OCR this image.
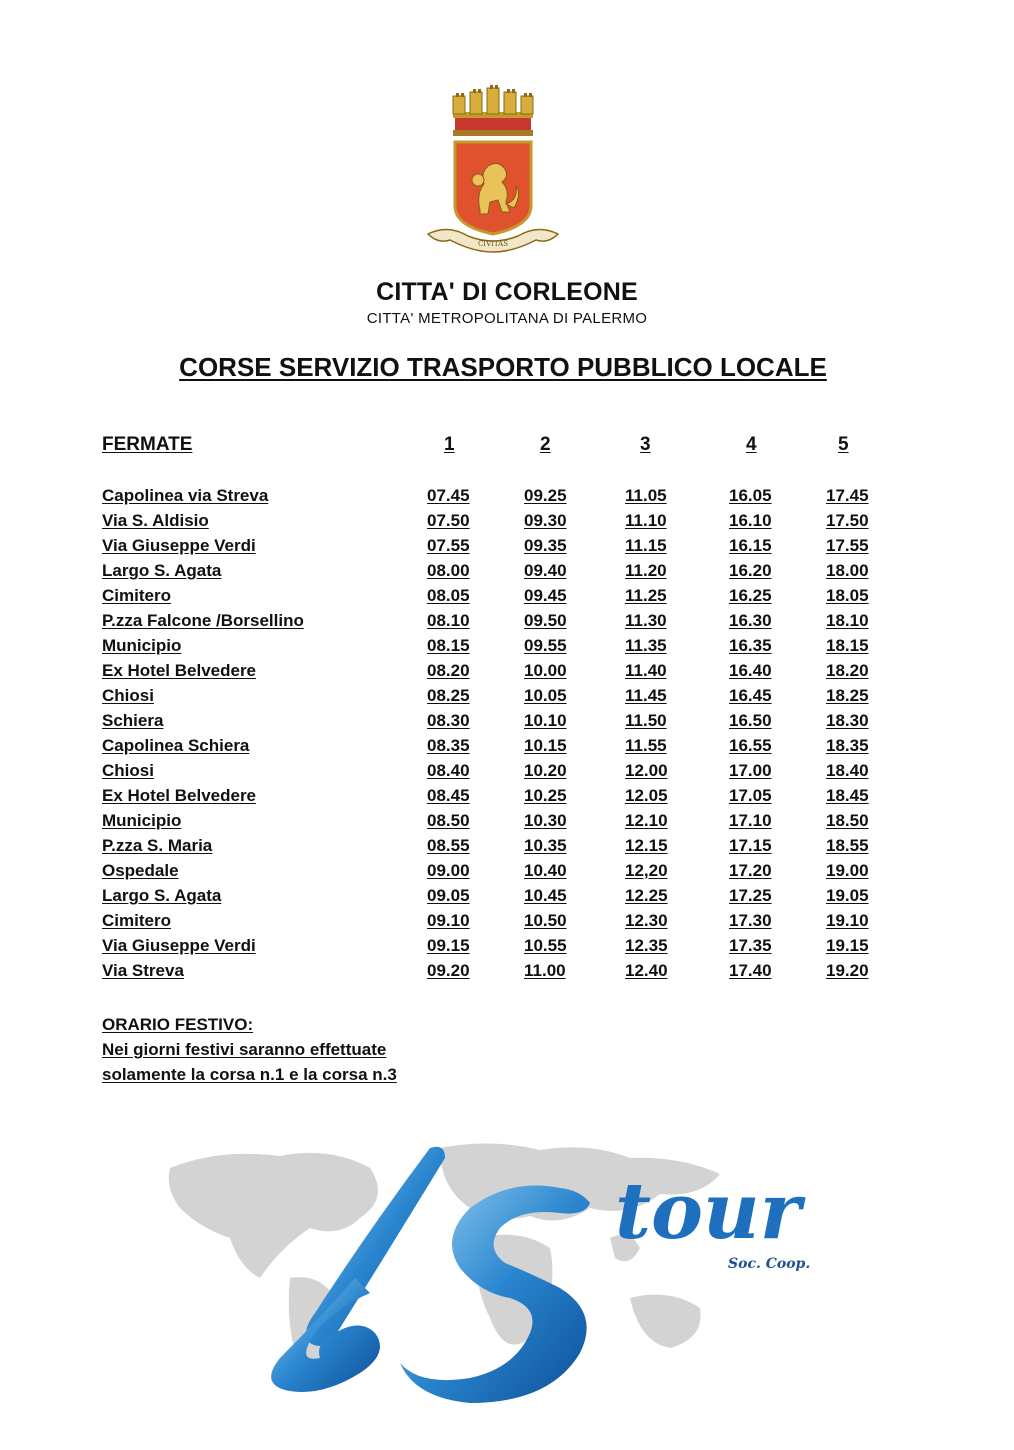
CIVITAS
CITTA' DI CORLEONE
CITTA' METROPOLITANA DI PALERMO
CORSE SERVIZIO TRASPORTO PUBBLICO LOCALE
FERMATE	1	2	3	4	5
Capolinea via Streva	07.45	09.25	11.05	16.05	17.45
Via S. Aldisio	07.50	09.30	11.10	16.10	17.50
Via Giuseppe Verdi	07.55	09.35	11.15	16.15	17.55
Largo S. Agata	08.00	09.40	11.20	16.20	18.00
Cimitero	08.05	09.45	11.25	16.25	18.05
P.zza Falcone /Borsellino	08.10	09.50	11.30	16.30	18.10
Municipio	08.15	09.55	11.35	16.35	18.15
Ex Hotel Belvedere	08.20	10.00	11.40	16.40	18.20
Chiosi	08.25	10.05	11.45	16.45	18.25
Schiera	08.30	10.10	11.50	16.50	18.30
Capolinea Schiera	08.35	10.15	11.55	16.55	18.35
Chiosi	08.40	10.20	12.00	17.00	18.40
Ex Hotel Belvedere	08.45	10.25	12.05	17.05	18.45
Municipio	08.50	10.30	12.10	17.10	18.50
P.zza S. Maria	08.55	10.35	12.15	17.15	18.55
Ospedale	09.00	10.40	12,20	17.20	19.00
Largo S. Agata	09.05	10.45	12.25	17.25	19.05
Cimitero	09.10	10.50	12.30	17.30	19.10
Via Giuseppe Verdi	09.15	10.55	12.35	17.35	19.15
Via Streva	09.20	11.00	12.40	17.40	19.20
ORARIO FESTIVO:
Nei giorni festivi saranno effettuate
solamente la corsa n.1 e la corsa n.3
tour
Soc. Coop.
